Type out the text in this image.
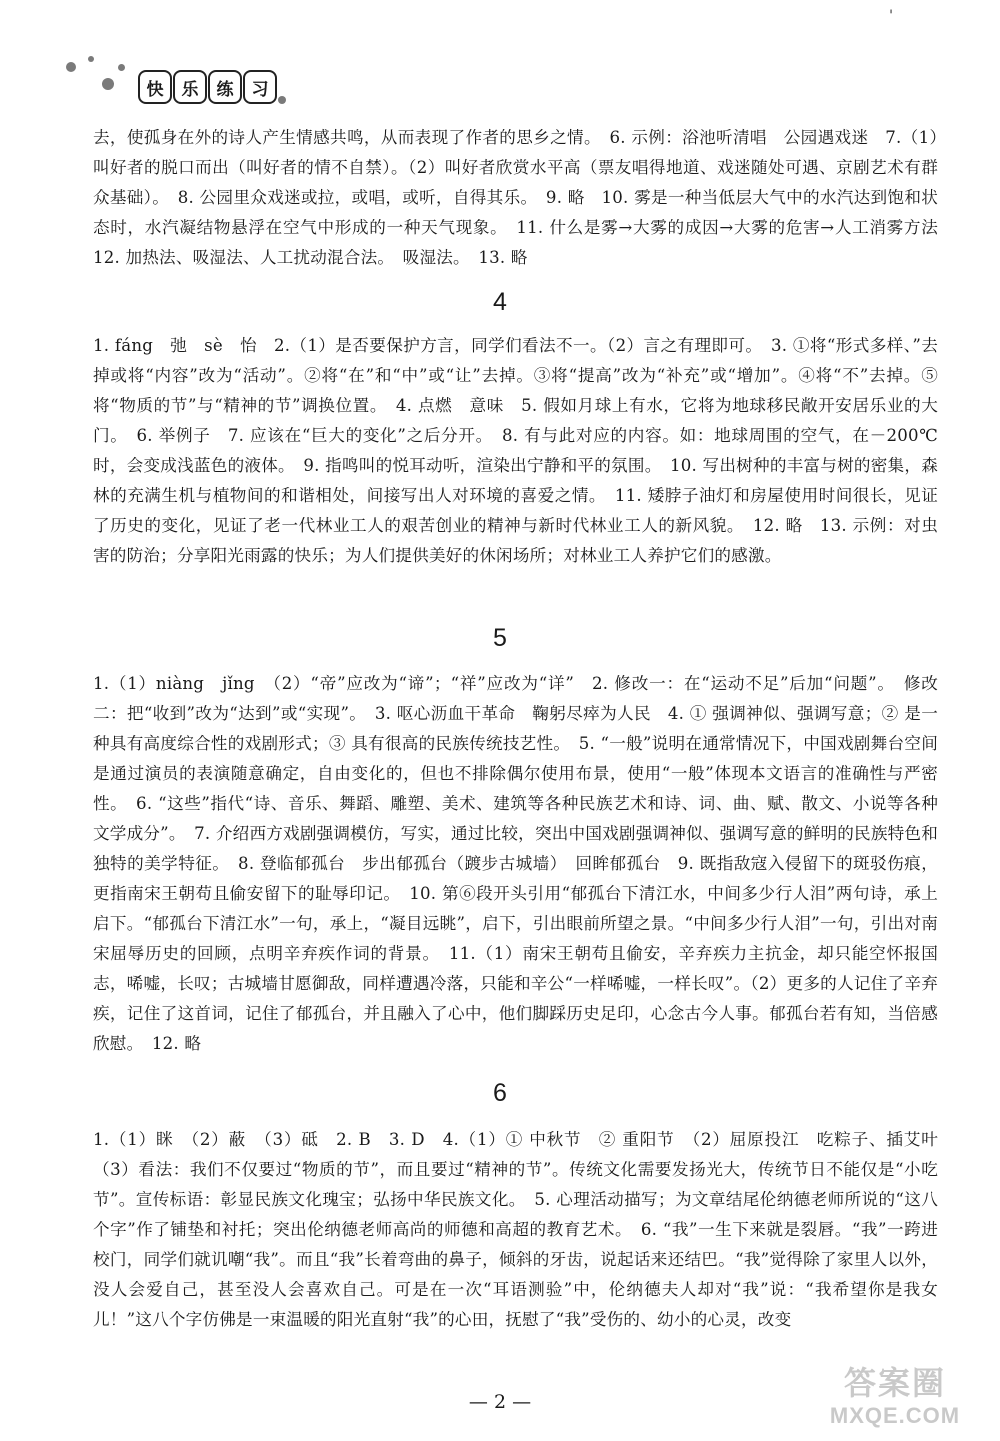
快	乐	练	习
'
去，使孤身在外的诗人产生情感共鸣，从而表现了作者的思乡之情。　6. 示例：浴池听清唱　公园遇戏迷　7.（1）叫好者的脱口而出（叫好者的情不自禁）。（2）叫好者欣赏水平高（票友唱得地道、戏迷随处可遇、京剧艺术有群众基础）。　8. 公园里众戏迷或拉，或唱，或听，自得其乐。　9. 略　10. 雾是一种当低层大气中的水汽达到饱和状态时，水汽凝结物悬浮在空气中形成的一种天气现象。　11. 什么是雾→大雾的成因→大雾的危害→人工消雾方法　12. 加热法、吸湿法、人工扰动混合法。　吸湿法。　13. 略
4
1. fáng　弛　sè　怡　2.（1）是否要保护方言，同学们看法不一。（2）言之有理即可。　3. ①将“形式多样、”去掉或将“内容”改为“活动”。②将“在”和“中”或“让”去掉。③将“提高”改为“补充”或“增加”。④将“不”去掉。⑤将“物质的节”与“精神的节”调换位置。　4. 点燃　意味　5. 假如月球上有水，它将为地球移民敞开安居乐业的大门。　6. 举例子　7. 应该在“巨大的变化”之后分开。　8. 有与此对应的内容。如：地球周围的空气，在－200℃时，会变成浅蓝色的液体。　9. 指鸣叫的悦耳动听，渲染出宁静和平的氛围。　10. 写出树种的丰富与树的密集，森林的充满生机与植物间的和谐相处，间接写出人对环境的喜爱之情。　11. 矮脖子油灯和房屋使用时间很长，见证了历史的变化，见证了老一代林业工人的艰苦创业的精神与新时代林业工人的新风貌。　12. 略　13. 示例：对虫害的防治；分享阳光雨露的快乐；为人们提供美好的休闲场所；对林业工人养护它们的感激。
5
1.（1）niàng　jǐng　（2）“帝”应改为“谛”；“祥”应改为“详”　2. 修改一：在“运动不足”后加“问题”。　修改二：把“收到”改为“达到”或“实现”。　3. 呕心沥血干革命　鞠躬尽瘁为人民　4. ① 强调神似、强调写意；② 是一种具有高度综合性的戏剧形式；③ 具有很高的民族传统技艺性。　5. “一般”说明在通常情况下，中国戏剧舞台空间是通过演员的表演随意确定，自由变化的，但也不排除偶尔使用布景，使用“一般”体现本文语言的准确性与严密性。　6. “这些”指代“诗、音乐、舞蹈、雕塑、美术、建筑等各种民族艺术和诗、词、曲、赋、散文、小说等各种文学成分”。　7. 介绍西方戏剧强调模仿，写实，通过比较，突出中国戏剧强调神似、强调写意的鲜明的民族特色和独特的美学特征。　8. 登临郁孤台　步出郁孤台（踱步古城墙）　回眸郁孤台　9. 既指敌寇入侵留下的斑驳伤痕，更指南宋王朝苟且偷安留下的耻辱印记。　10. 第⑥段开头引用“郁孤台下清江水，中间多少行人泪”两句诗，承上启下。“郁孤台下清江水”一句，承上，“凝目远眺”，启下，引出眼前所望之景。“中间多少行人泪”一句，引出对南宋屈辱历史的回顾，点明辛弃疾作词的背景。　11.（1）南宋王朝苟且偷安，辛弃疾力主抗金，却只能空怀报国志，唏嘘，长叹；古城墙甘愿御敌，同样遭遇冷落，只能和辛公“一样唏嘘，一样长叹”。（2）更多的人记住了辛弃疾，记住了这首词，记住了郁孤台，并且融入了心中，他们脚踩历史足印，心念古今人事。郁孤台若有知，当倍感欣慰。　12. 略
6
1.（1）眯　（2）蔽　（3）砥　2. B　3. D　4.（1）① 中秋节　② 重阳节　（2）屈原投江　吃粽子、插艾叶　（3）看法：我们不仅要过“物质的节”，而且要过“精神的节”。传统文化需要发扬光大，传统节日不能仅是“小吃节”。宣传标语：彰显民族文化瑰宝；弘扬中华民族文化。　5. 心理活动描写；为文章结尾伦纳德老师所说的“这八个字”作了铺垫和衬托；突出伦纳德老师高尚的师德和高超的教育艺术。　6. “我”一生下来就是裂唇。“我”一跨进校门，同学们就讥嘲“我”。而且“我”长着弯曲的鼻子，倾斜的牙齿，说起话来还结巴。“我”觉得除了家里人以外，没人会爱自己，甚至没人会喜欢自己。可是在一次“耳语测验”中，伦纳德夫人却对“我”说：“我希望你是我女儿！”这八个字仿佛是一束温暖的阳光直射“我”的心田，抚慰了“我”受伤的、幼小的心灵，改变
— 2 —
答案圈
MXQE.COM
